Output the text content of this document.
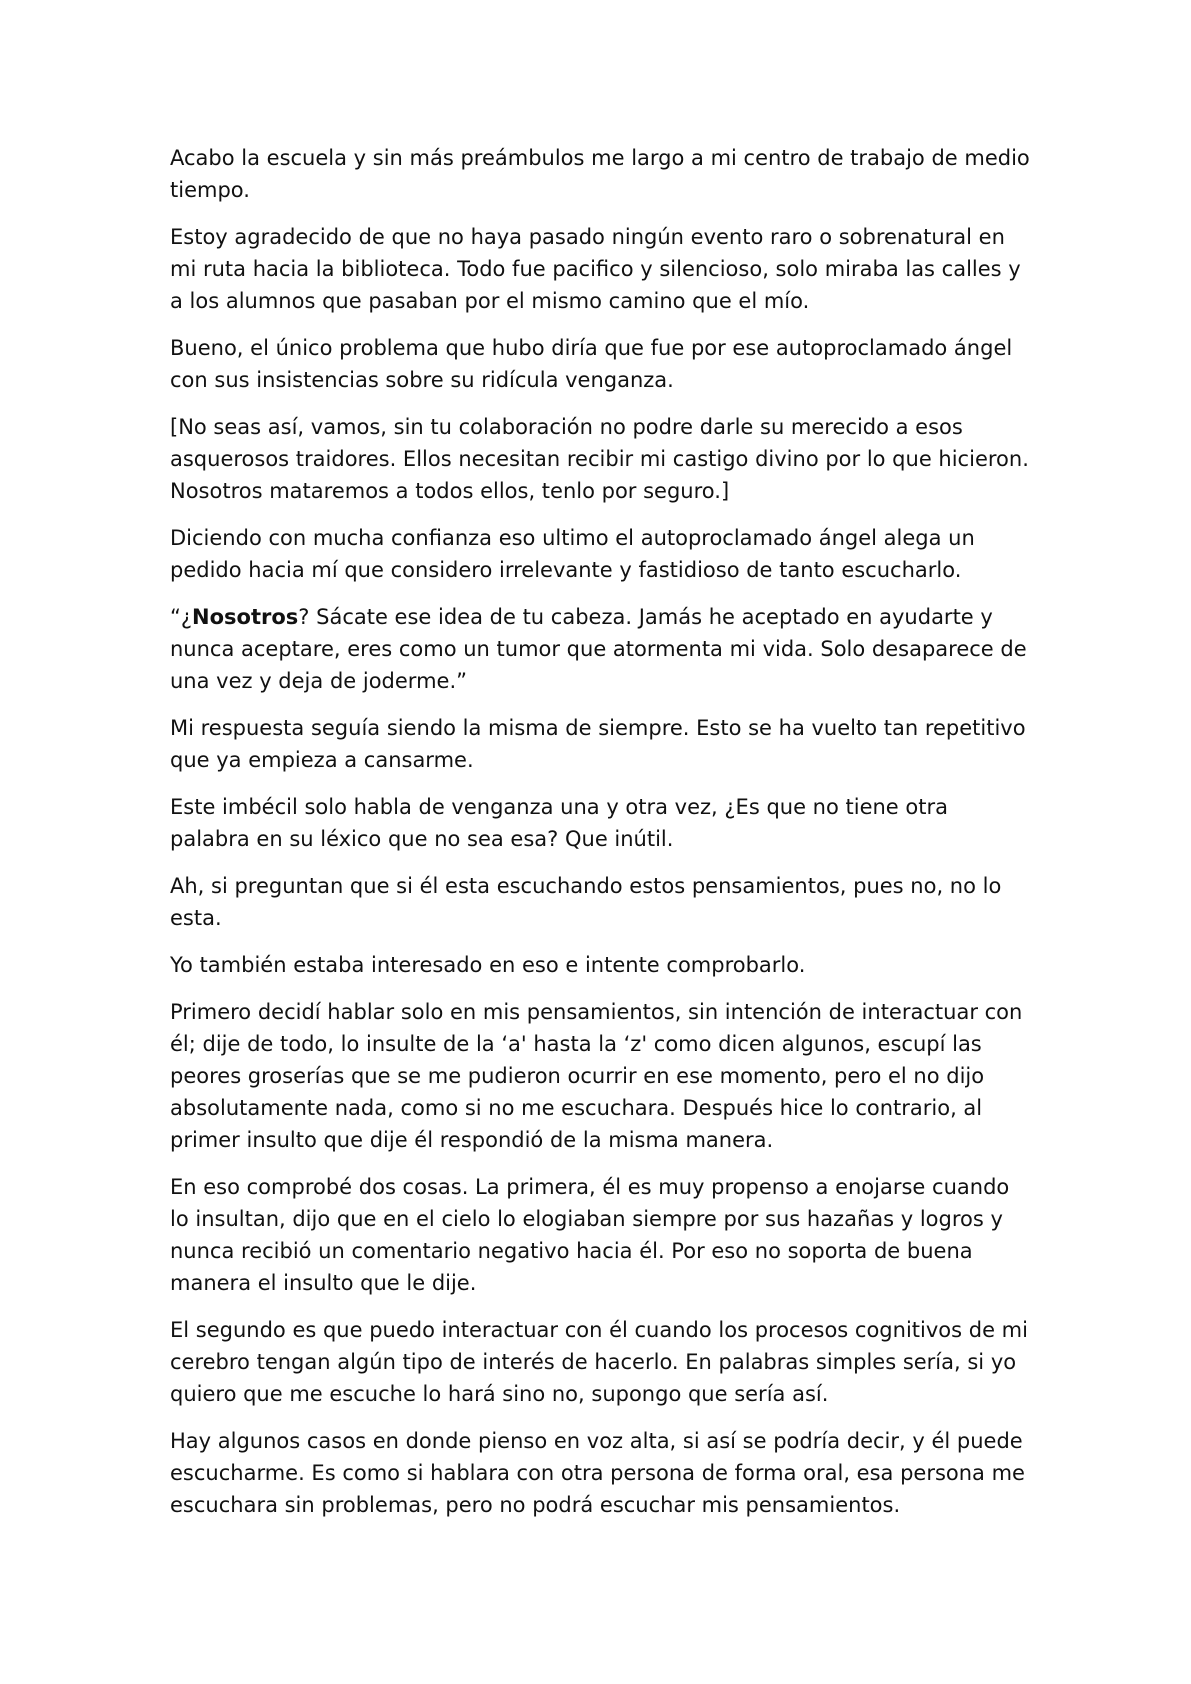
Acabo la escuela y sin más preámbulos me largo a mi centro de trabajo de medio tiempo.

Estoy agradecido de que no haya pasado ningún evento raro o sobrenatural en mi ruta hacia la biblioteca. Todo fue pacifico y silencioso, solo miraba las calles y a los alumnos que pasaban por el mismo camino que el mío.

Bueno, el único problema que hubo diría que fue por ese autoproclamado ángel con sus insistencias sobre su ridícula venganza.

[No seas así, vamos, sin tu colaboración no podre darle su merecido a esos asquerosos traidores. Ellos necesitan recibir mi castigo divino por lo que hicieron. Nosotros mataremos a todos ellos, tenlo por seguro.]

Diciendo con mucha confianza eso ultimo el autoproclamado ángel alega un pedido hacia mí que considero irrelevante y fastidioso de tanto escucharlo.

“¿Nosotros? Sácate ese idea de tu cabeza. Jamás he aceptado en ayudarte y nunca aceptare, eres como un tumor que atormenta mi vida. Solo desaparece de una vez y deja de joderme.”

Mi respuesta seguía siendo la misma de siempre. Esto se ha vuelto tan repetitivo que ya empieza a cansarme.

Este imbécil solo habla de venganza una y otra vez, ¿Es que no tiene otra palabra en su léxico que no sea esa? Que inútil.

Ah, si preguntan que si él esta escuchando estos pensamientos, pues no, no lo esta.

Yo también estaba interesado en eso e intente comprobarlo.

Primero decidí hablar solo en mis pensamientos, sin intención de interactuar con él; dije de todo, lo insulte de la ‘a' hasta la ‘z' como dicen algunos, escupí las peores groserías que se me pudieron ocurrir en ese momento, pero el no dijo absolutamente nada, como si no me escuchara. Después hice lo contrario, al primer insulto que dije él respondió de la misma manera.

En eso comprobé dos cosas. La primera, él es muy propenso a enojarse cuando lo insultan, dijo que en el cielo lo elogiaban siempre por sus hazañas y logros y nunca recibió un comentario negativo hacia él. Por eso no soporta de buena manera el insulto que le dije.

El segundo es que puedo interactuar con él cuando los procesos cognitivos de mi cerebro tengan algún tipo de interés de hacerlo. En palabras simples sería, si yo quiero que me escuche lo hará sino no, supongo que sería así.

Hay algunos casos en donde pienso en voz alta, si así se podría decir, y él puede escucharme. Es como si hablara con otra persona de forma oral, esa persona me escuchara sin problemas, pero no podrá escuchar mis pensamientos.
